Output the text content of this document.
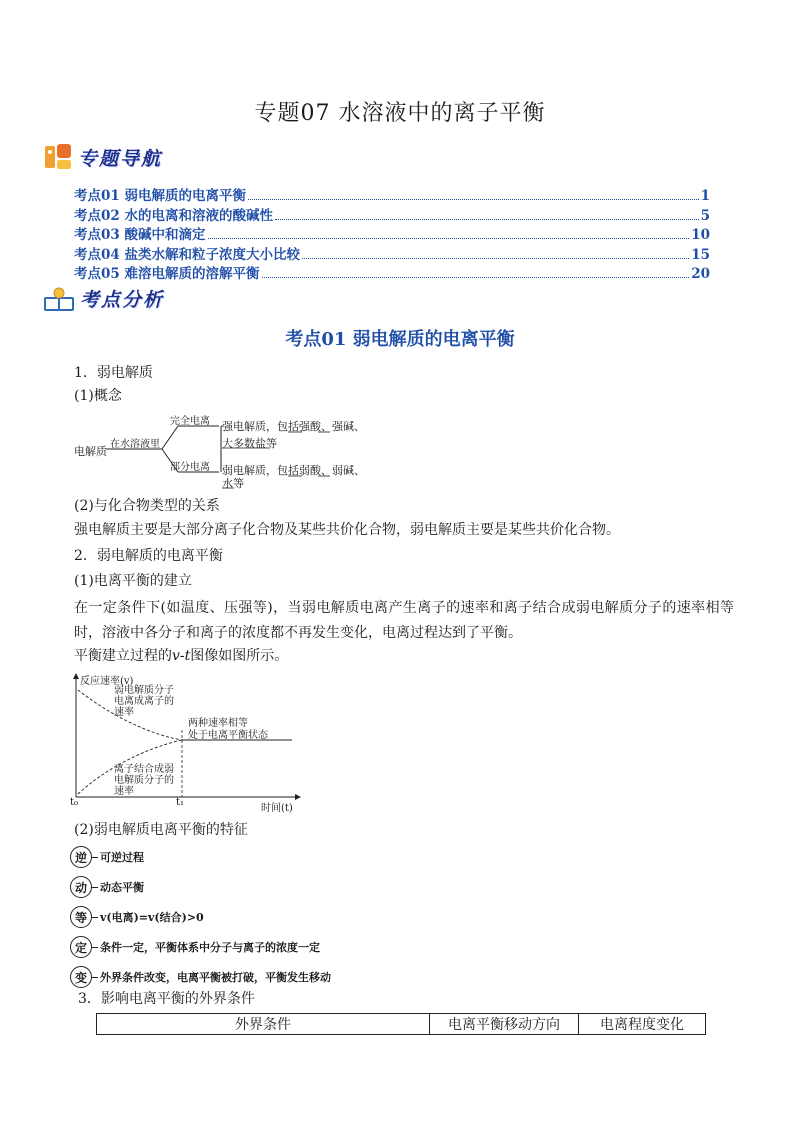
专题07 水溶液中的离子平衡
专题导航
考点01 弱电解质的电离平衡	1
考点02 水的电离和溶液的酸碱性	5
考点03 酸碱中和滴定	10
考点04 盐类水解和粒子浓度大小比较	15
考点05 难溶电解质的溶解平衡	20
考点分析
考点01 弱电解质的电离平衡
1．弱电解质
(1)概念
电解质
在水溶液里
完全电离
部分电离
强电解质，包括强酸、强碱、
大多数盐等
弱电解质，包括弱酸、弱碱、
水等
(2)与化合物类型的关系
强电解质主要是大部分离子化合物及某些共价化合物，弱电解质主要是某些共价化合物。
2．弱电解质的电离平衡
(1)电离平衡的建立
在一定条件下(如温度、压强等)，当弱电解质电离产生离子的速率和离子结合成弱电解质分子的速率相等时，溶液中各分子和离子的浓度都不再发生变化，电离过程达到了平衡。
平衡建立过程的v-t图像如图所示。
反应速率(v)
时间(t)
t₀	t₁
弱电解质分子
电离成离子的
速率
离子结合成弱
电解质分子的
速率
两种速率相等
处于电离平衡状态
(2)弱电解质电离平衡的特征
逆	可逆过程
动	动态平衡
等	v(电离)=v(结合)>0
定	条件一定，平衡体系中分子与离子的浓度一定
变	外界条件改变，电离平衡被打破，平衡发生移动
3．影响电离平衡的外界条件
外界条件	电离平衡移动方向	电离程度变化
